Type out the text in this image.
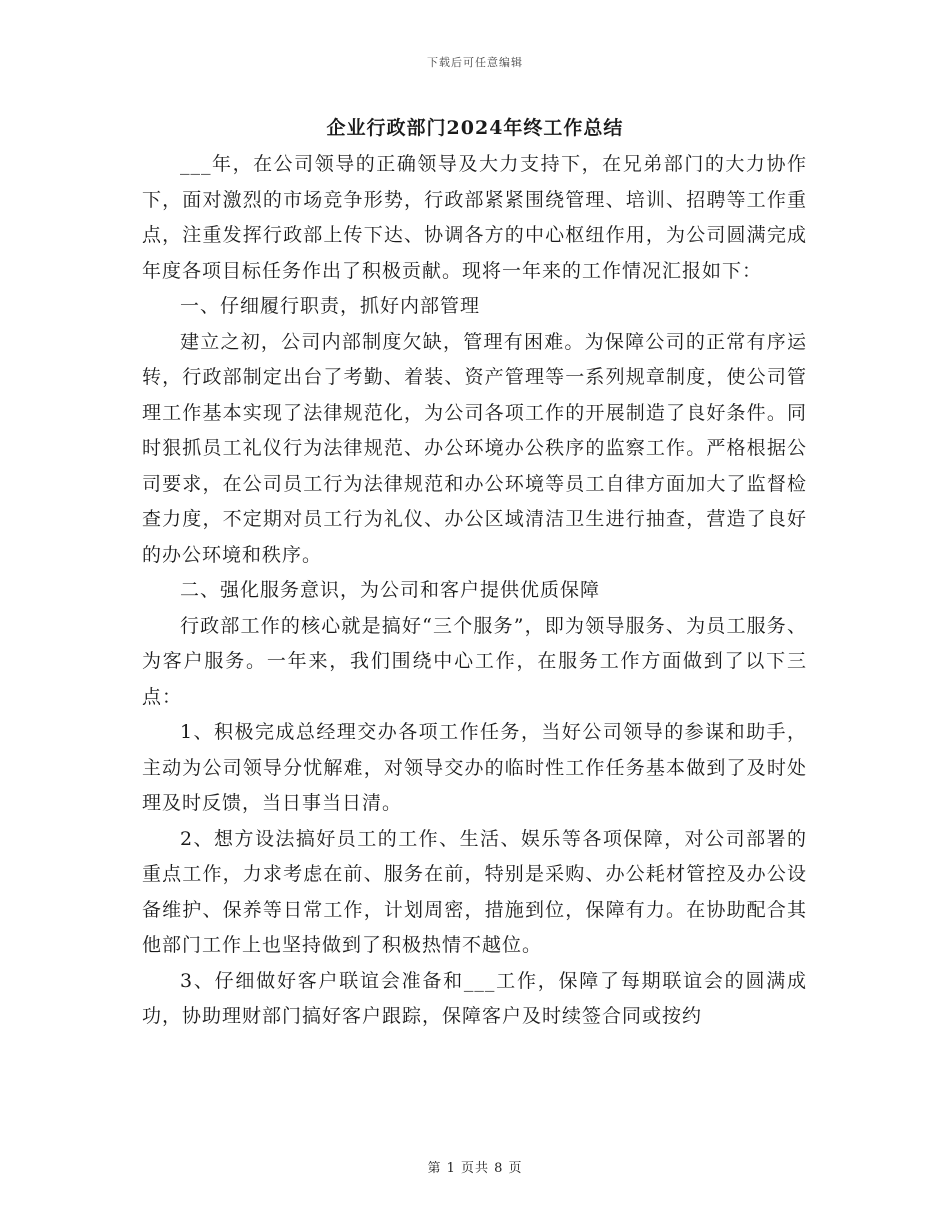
下载后可任意编辑
企业行政部门2024年终工作总结

___年，在公司领导的正确领导及大力支持下，在兄弟部门的大力协作下，面对激烈的市场竞争形势，行政部紧紧围绕管理、培训、招聘等工作重点，注重发挥行政部上传下达、协调各方的中心枢纽作用，为公司圆满完成年度各项目标任务作出了积极贡献。现将一年来的工作情况汇报如下：

一、仔细履行职责，抓好内部管理

建立之初，公司内部制度欠缺，管理有困难。为保障公司的正常有序运转，行政部制定出台了考勤、着装、资产管理等一系列规章制度，使公司管理工作基本实现了法律规范化，为公司各项工作的开展制造了良好条件。同时狠抓员工礼仪行为法律规范、办公环境办公秩序的监察工作。严格根据公司要求，在公司员工行为法律规范和办公环境等员工自律方面加大了监督检查力度，不定期对员工行为礼仪、办公区域清洁卫生进行抽查，营造了良好的办公环境和秩序。

二、强化服务意识，为公司和客户提供优质保障

行政部工作的核心就是搞好“三个服务”，即为领导服务、为员工服务、为客户服务。一年来，我们围绕中心工作，在服务工作方面做到了以下三点：

1、积极完成总经理交办各项工作任务，当好公司领导的参谋和助手，主动为公司领导分忧解难，对领导交办的临时性工作任务基本做到了及时处理及时反馈，当日事当日清。

2、想方设法搞好员工的工作、生活、娱乐等各项保障，对公司部署的重点工作，力求考虑在前、服务在前，特别是采购、办公耗材管控及办公设备维护、保养等日常工作，计划周密，措施到位，保障有力。在协助配合其他部门工作上也坚持做到了积极热情不越位。

3、仔细做好客户联谊会准备和___工作，保障了每期联谊会的圆满成功，协助理财部门搞好客户跟踪，保障客户及时续签合同或按约

第 1 页共 8 页
